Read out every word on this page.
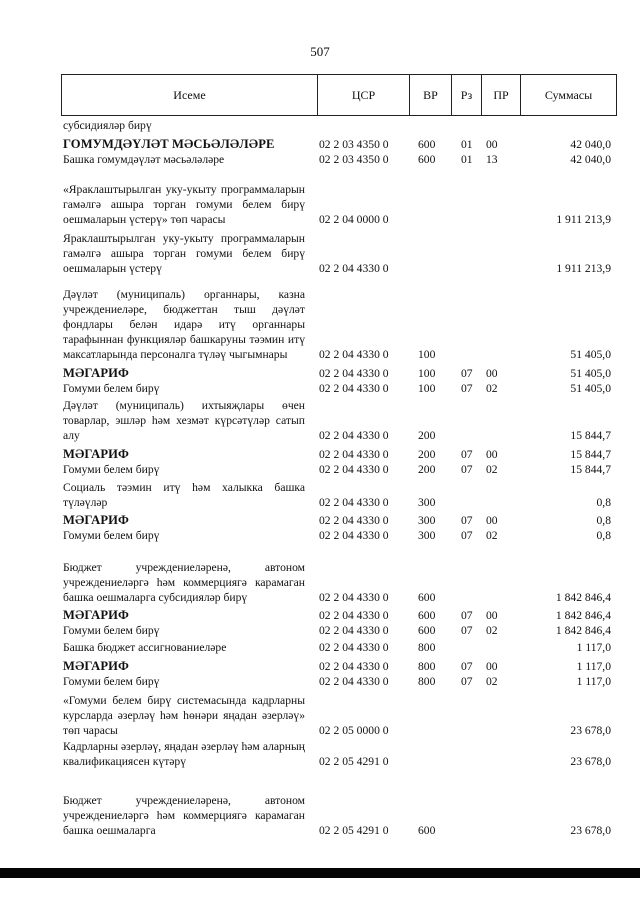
507
Исеме	ЦСР	ВР	Рз	ПР	Суммасы
субсидияләр бирү
ГОМУМДӘҮЛӘТ МӘСЬӘЛӘЛӘРЕ	02 2 03 4350 0	600 01 00	42 040,0
Башка гомумдәүләт мәсьәләләре	02 2 03 4350 0	600 01 13	42 040,0
«Яраклаштырылган уку-укыту программаларын гамәлгә ашыра торган гомуми белем бирү оешмаларын үстерү» төп чарасы	02 2 04 0000 0	1 911 213,9
Яраклаштырылган уку-укыту программаларын гамәлгә ашыра торган гомуми белем бирү оешмаларын үстерү	02 2 04 4330 0	1 911 213,9
Дәүләт (муниципаль) органнары, казна учреждениеләре, бюджеттан тыш дәүләт фондлары белән идарә итү органнары тарафыннан функцияләр башкаруны тәэмин итү максатларында персоналга түләү чыгымнары	02 2 04 4330 0	100	51 405,0
МӘГАРИФ	02 2 04 4330 0	100 07 00	51 405,0
Гомуми белем бирү	02 2 04 4330 0	100 07 02	51 405,0
Дәүләт (муниципаль) ихтыяҗлары өчен товарлар, эшләр һәм хезмәт күрсәтүләр сатып алу	02 2 04 4330 0	200	15 844,7
МӘГАРИФ	02 2 04 4330 0	200 07 00	15 844,7
Гомуми белем бирү	02 2 04 4330 0	200 07 02	15 844,7
Социаль тәэмин итү һәм халыкка башка түләүләр	02 2 04 4330 0	300	0,8
МӘГАРИФ	02 2 04 4330 0	300 07 00	0,8
Гомуми белем бирү	02 2 04 4330 0	300 07 02	0,8
Бюджет учреждениеләренә, автоном учреждениеләргә һәм коммерциягә карамаган башка оешмаларга субсидияләр бирү	02 2 04 4330 0	600	1 842 846,4
МӘГАРИФ	02 2 04 4330 0	600 07 00	1 842 846,4
Гомуми белем бирү	02 2 04 4330 0	600 07 02	1 842 846,4
Башка бюджет ассигнованиеләре	02 2 04 4330 0	800	1 117,0
МӘГАРИФ	02 2 04 4330 0	800 07 00	1 117,0
Гомуми белем бирү	02 2 04 4330 0	800 07 02	1 117,0
«Гомуми белем бирү системасында кадрларны курсларда әзерләү һәм һөнәри яңадан әзерләү» төп чарасы	02 2 05 0000 0	23 678,0
Кадрларны әзерләү, яңадан әзерләү һәм аларның квалификациясен күтәрү	02 2 05 4291 0	23 678,0
Бюджет учреждениеләренә, автоном учреждениеләргә һәм коммерциягә карамаган башка оешмаларга	02 2 05 4291 0	600	23 678,0
